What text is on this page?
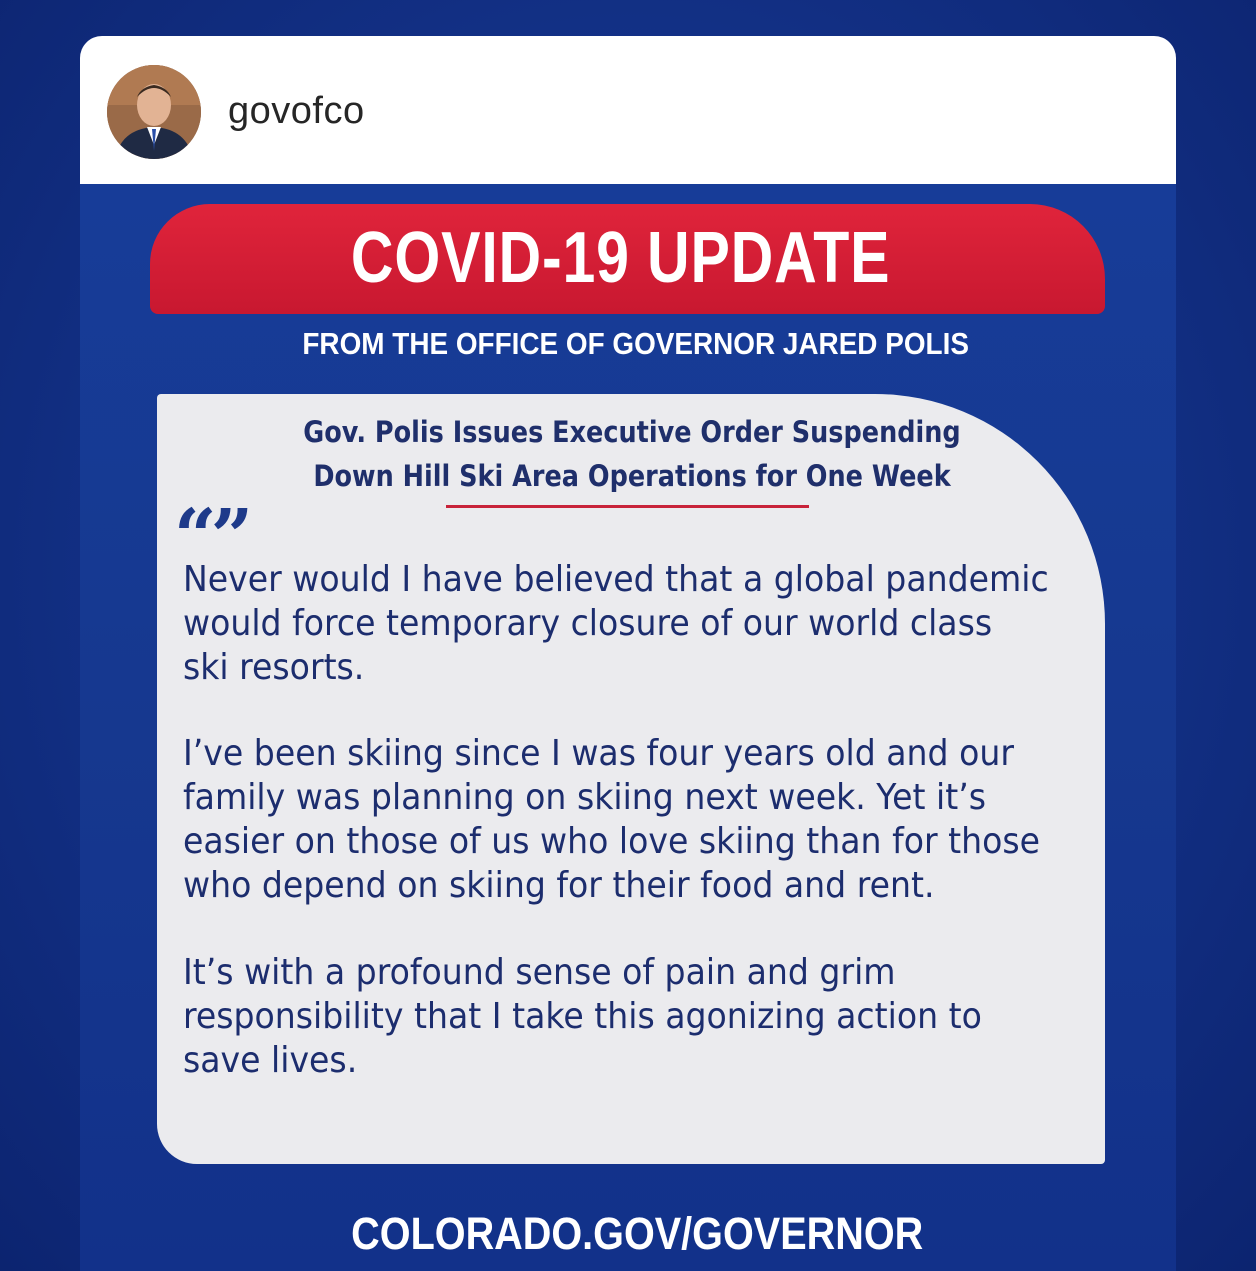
govofco
COVID-19 UPDATE
FROM THE OFFICE OF GOVERNOR JARED POLIS
Gov. Polis Issues Executive Order Suspending
Down Hill Ski Area Operations for One Week
“”
Never would I have believed that a global pandemic
would force temporary closure of our world class
ski resorts.
I’ve been skiing since I was four years old and our
family was planning on skiing next week. Yet it’s
easier on those of us who love skiing than for those
who depend on skiing for their food and rent.
It’s with a profound sense of pain and grim
responsibility that I take this agonizing action to
save lives.
COLORADO.GOV/GOVERNOR
